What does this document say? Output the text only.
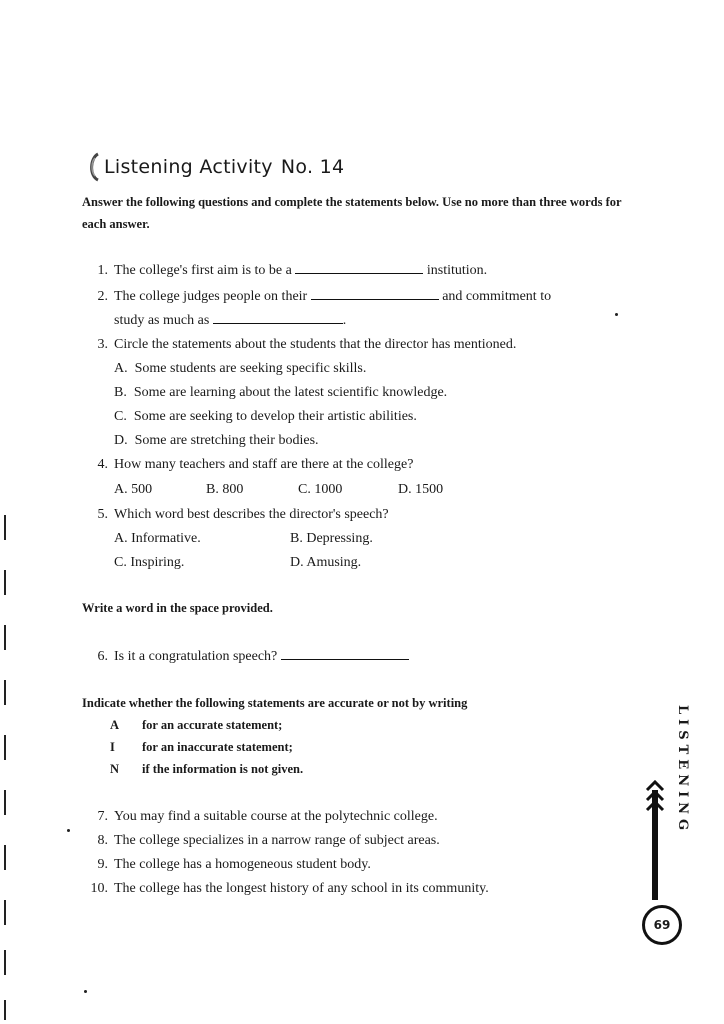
Listening
Activity No. 14
Answer the following questions and complete the statements below. Use no more than three words for each answer.
1. The college's first aim is to be a	institution.
2. The college judges people on their	and commitment to
study as much as	.
3. Circle the statements about the students that the director has mentioned.
A. Some students are seeking specific skills.
B. Some are learning about the latest scientific knowledge.
C. Some are seeking to develop their artistic abilities.
D. Some are stretching their bodies.
4. How many teachers and staff are there at the college?
A. 500	B. 800	C. 1000	D. 1500
5. Which word best describes the director's speech?
A. Informative.	B. Depressing.
C. Inspiring.	D. Amusing.
Write a word in the space provided.
6. Is it a congratulation speech?
Indicate whether the following statements are accurate or not by writing
A for an accurate statement;
I for an inaccurate statement;
N if the information is not given.
7. You may find a suitable course at the polytechnic college.
8. The college specializes in a narrow range of subject areas.
9. The college has a homogeneous student body.
10. The college has the longest history of any school in its community.
LISTENING
69
